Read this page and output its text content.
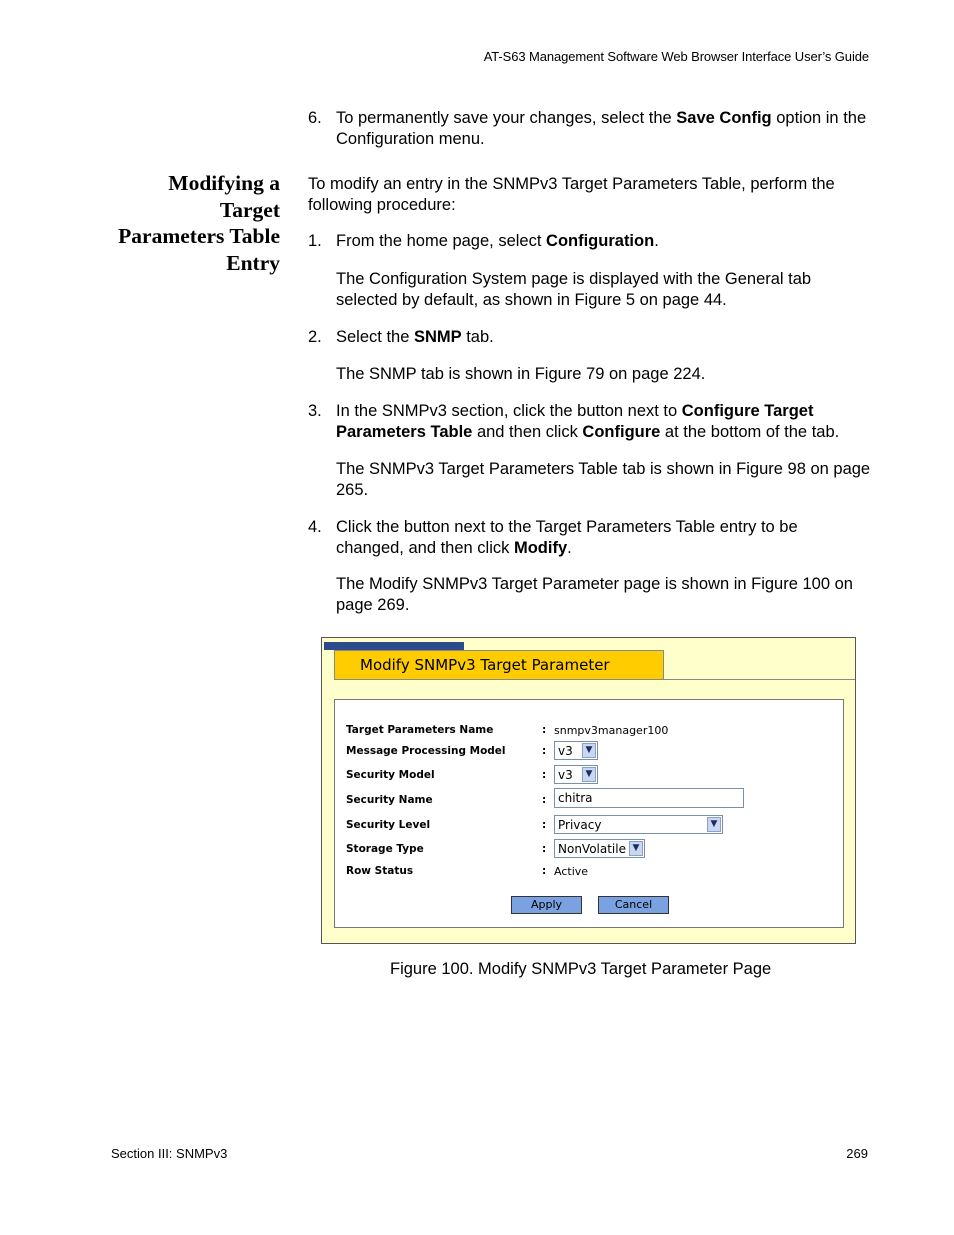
AT-S63 Management Software Web Browser Interface User’s Guide
6. To permanently save your changes, select the Save Config option in the Configuration menu.
Modifying a
Target
Parameters Table
Entry
To modify an entry in the SNMPv3 Target Parameters Table, perform the following procedure:
1. From the home page, select Configuration.
The Configuration System page is displayed with the General tab selected by default, as shown in Figure 5 on page 44.
2. Select the SNMP tab.
The SNMP tab is shown in Figure 79 on page 224.
3. In the SNMPv3 section, click the button next to Configure Target Parameters Table and then click Configure at the bottom of the tab.
The SNMPv3 Target Parameters Table tab is shown in Figure 98 on page 265.
4. Click the button next to the Target Parameters Table entry to be changed, and then click Modify.
The Modify SNMPv3 Target Parameter page is shown in Figure 100 on page 269.
Modify SNMPv3 Target Parameter
Target Parameters Name	: snmpv3manager100
Message Processing Model	: v3	▼
Security Model	: v3	▼
Security Name	: chitra
Security Level	: Privacy	▼
Storage Type	: NonVolatile ▼
Row Status	: Active
Apply	Cancel
Figure 100. Modify SNMPv3 Target Parameter Page
Section III: SNMPv3	269
